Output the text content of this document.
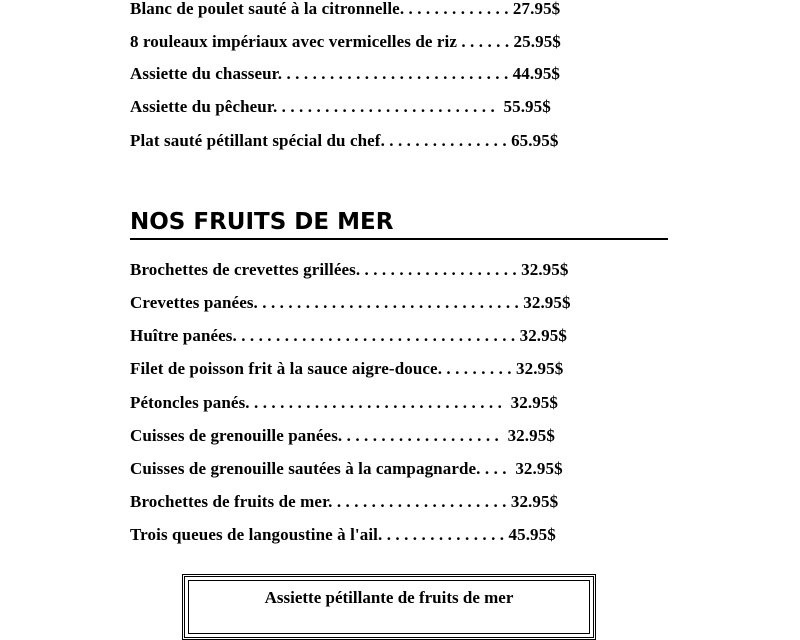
Blanc de poulet sauté à la citronnelle. . . . . . . . . . . . . 27.95$
8 rouleaux impériaux avec vermicelles de riz . . . . . . 25.95$
Assiette du chasseur. . . . . . . . . . . . . . . . . . . . . . . . . . . 44.95$
Assiette du pêcheur. . . . . . . . . . . . . . . . . . . . . . . . . .  55.95$
Plat sauté pétillant spécial du chef. . . . . . . . . . . . . . . 65.95$
NOS FRUITS DE MER
Brochettes de crevettes grillées. . . . . . . . . . . . . . . . . . . 32.95$
Crevettes panées. . . . . . . . . . . . . . . . . . . . . . . . . . . . . . . 32.95$
Huître panées. . . . . . . . . . . . . . . . . . . . . . . . . . . . . . . . . 32.95$
Filet de poisson frit à la sauce aigre-douce. . . . . . . . . 32.95$
Pétoncles panés. . . . . . . . . . . . . . . . . . . . . . . . . . . . . .  32.95$
Cuisses de grenouille panées. . . . . . . . . . . . . . . . . . .  32.95$
Cuisses de grenouille sautées à la campagnarde. . . .  32.95$
Brochettes de fruits de mer. . . . . . . . . . . . . . . . . . . . . 32.95$
Trois queues de langoustine à l'ail. . . . . . . . . . . . . . . 45.95$
Assiette pétillante de fruits de mer
